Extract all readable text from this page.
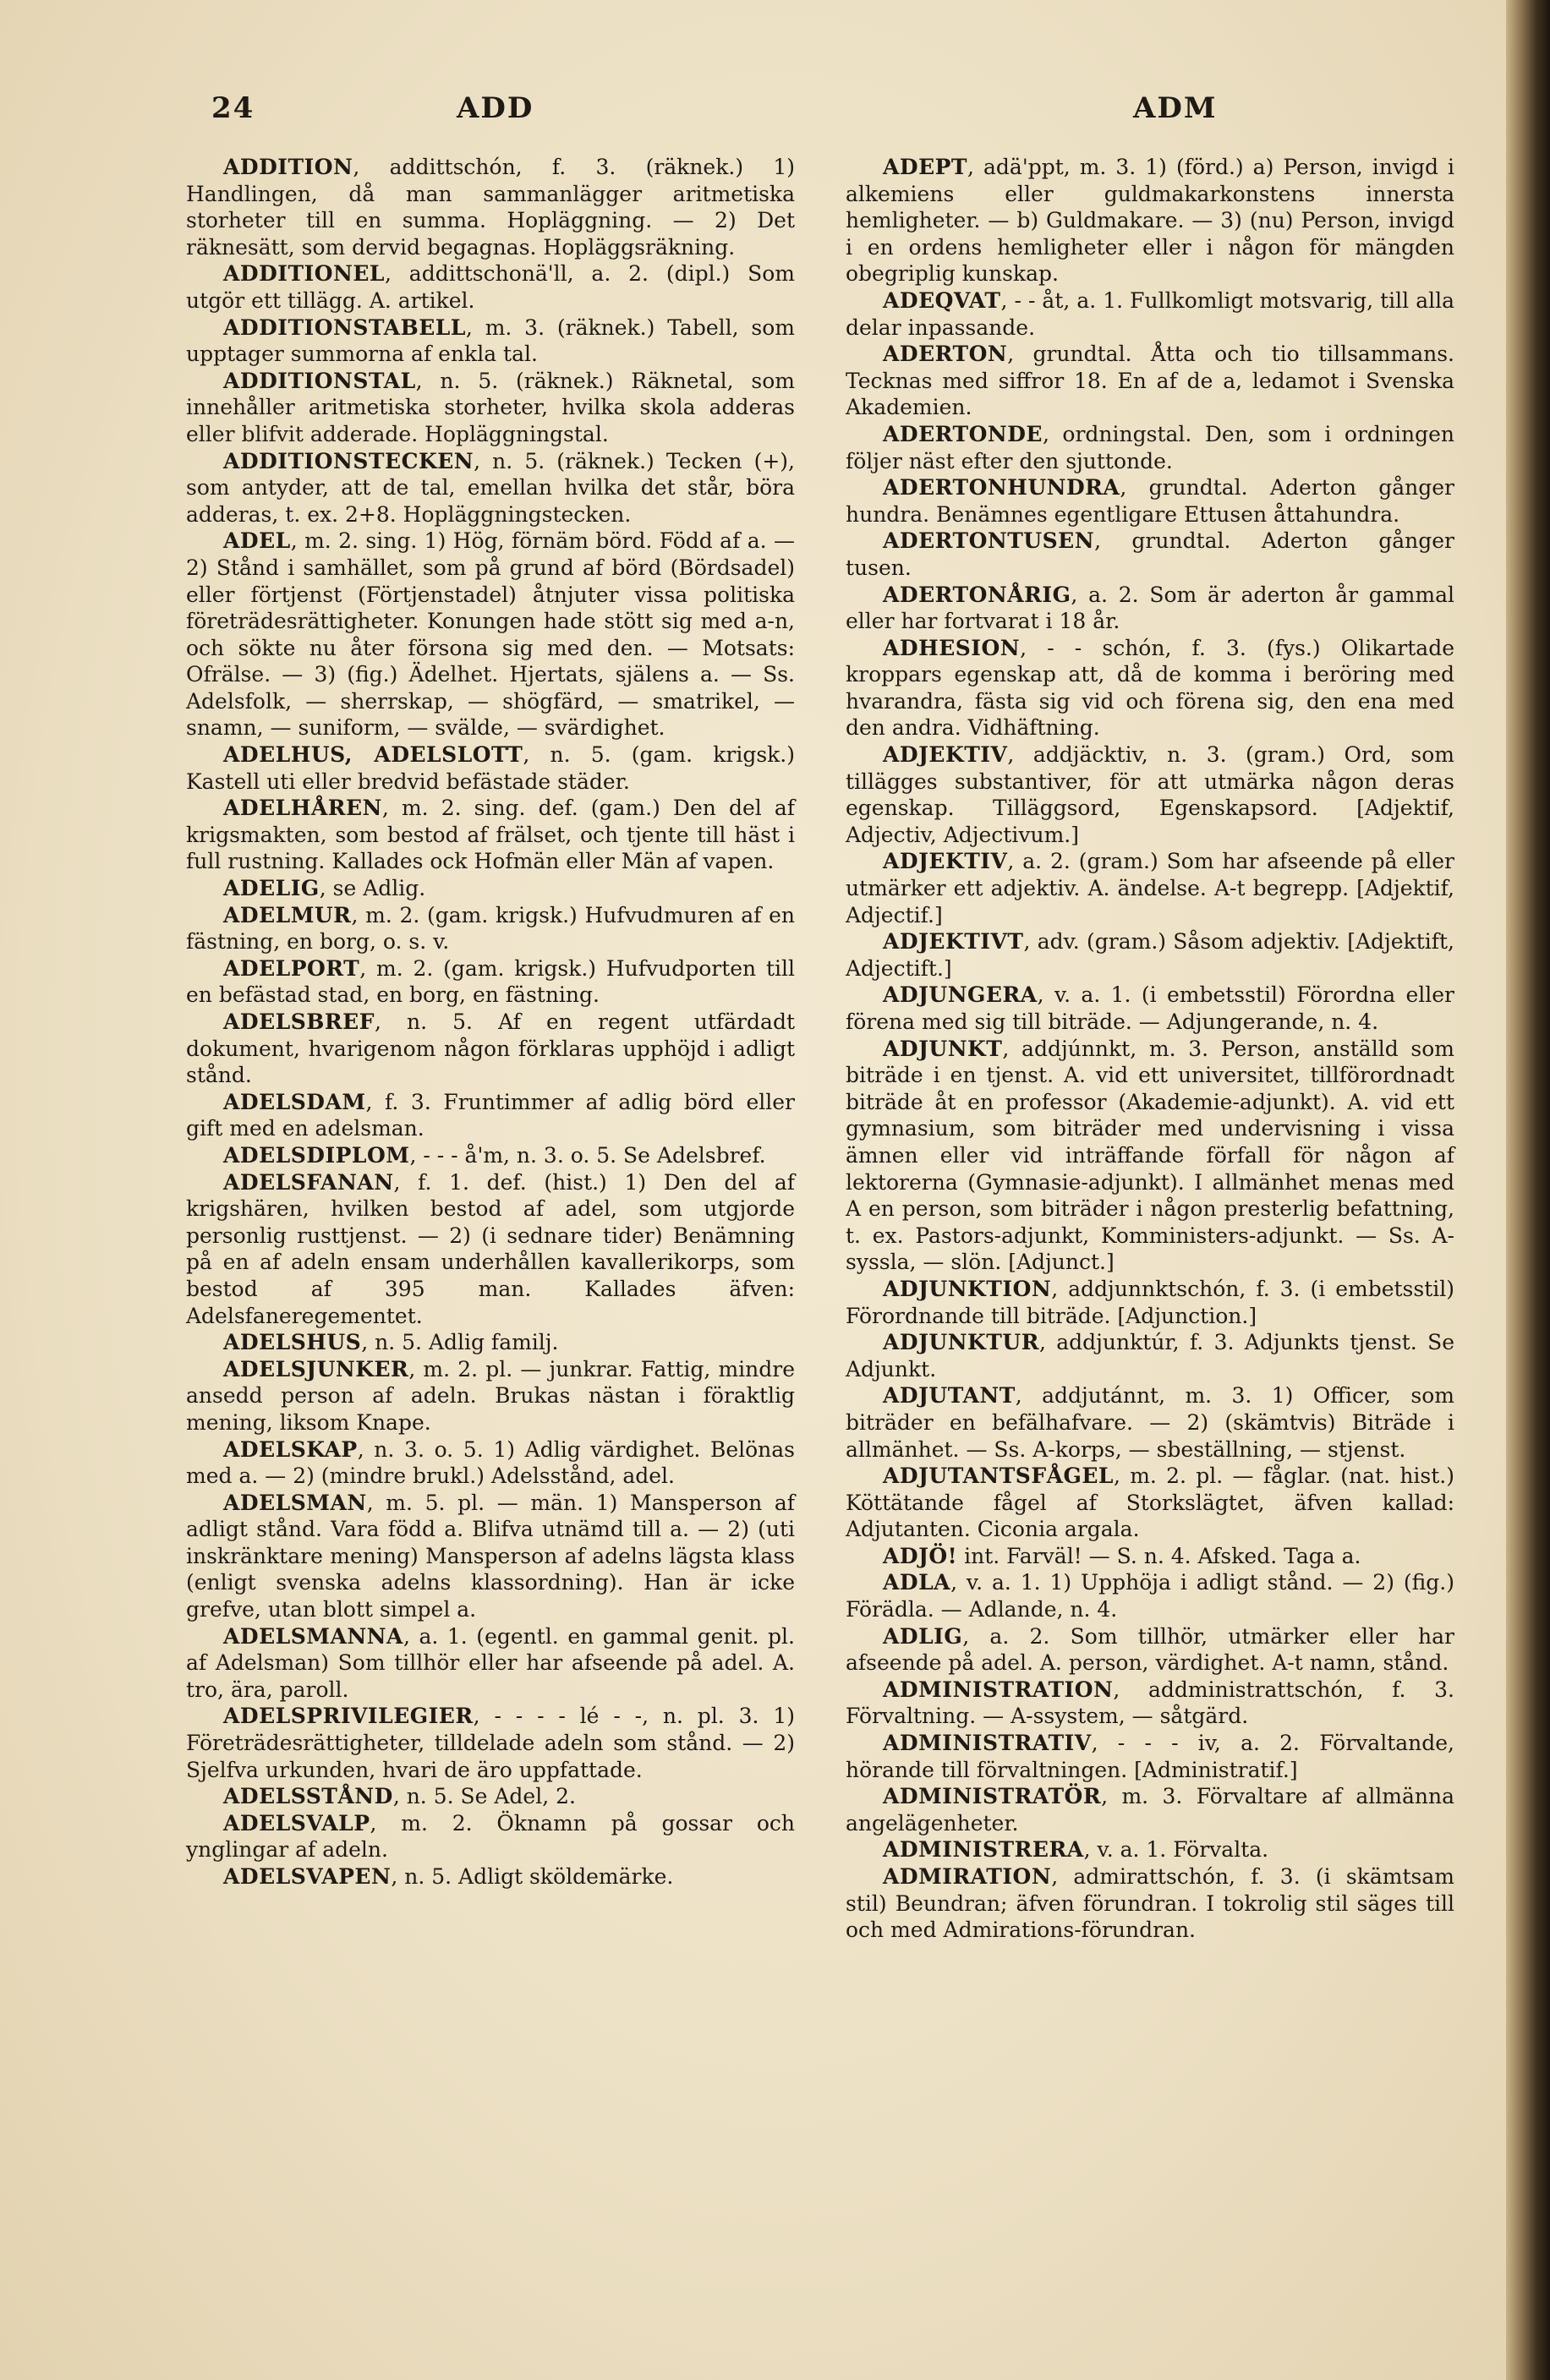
24	ADD	ADM

ADDITION, addittschón, f. 3. (räknek.) 1) Handlingen, då man sammanlägger aritmetiska storheter till en summa. Hopläggning. — 2) Det räknesätt, som dervid begagnas. Hopläggsräkning.

ADDITIONEL, addittschonä'll, a. 2. (dipl.) Som utgör ett tillägg. A. artikel.

ADDITIONSTABELL, m. 3. (räknek.) Tabell, som upptager summorna af enkla tal.

ADDITIONSTAL, n. 5. (räknek.) Räknetal, som innehåller aritmetiska storheter, hvilka skola adderas eller blifvit adderade. Hopläggningstal.

ADDITIONSTECKEN, n. 5. (räknek.) Tecken (+), som antyder, att de tal, emellan hvilka det står, böra adderas, t. ex. 2+8. Hopläggningstecken.

ADEL, m. 2. sing. 1) Hög, förnäm börd. Född af a. — 2) Stånd i samhället, som på grund af börd (Bördsadel) eller förtjenst (Förtjenstadel) åtnjuter vissa politiska företrädesrättigheter. Konungen hade stött sig med a-n, och sökte nu åter försona sig med den. — Motsats: Ofrälse. — 3) (fig.) Ädelhet. Hjertats, själens a. — Ss. Adelsfolk, — sherrskap, — shögfärd, — smatrikel, — snamn, — suniform, — svälde, — svärdighet.

ADELHUS, ADELSLOTT, n. 5. (gam. krigsk.) Kastell uti eller bredvid befästade städer.

ADELHÅREN, m. 2. sing. def. (gam.) Den del af krigsmakten, som bestod af frälset, och tjente till häst i full rustning. Kallades ock Hofmän eller Män af vapen.

ADELIG, se Adlig.

ADELMUR, m. 2. (gam. krigsk.) Hufvudmuren af en fästning, en borg, o. s. v.

ADELPORT, m. 2. (gam. krigsk.) Hufvudporten till en befästad stad, en borg, en fästning.

ADELSBREF, n. 5. Af en regent utfärdadt dokument, hvarigenom någon förklaras upphöjd i adligt stånd.

ADELSDAM, f. 3. Fruntimmer af adlig börd eller gift med en adelsman.

ADELSDIPLOM, - - - å'm, n. 3. o. 5. Se Adelsbref.

ADELSFANAN, f. 1. def. (hist.) 1) Den del af krigshären, hvilken bestod af adel, som utgjorde personlig rusttjenst. — 2) (i sednare tider) Benämning på en af adeln ensam underhållen kavallerikorps, som bestod af 395 man. Kallades äfven: Adelsfaneregementet.

ADELSHUS, n. 5. Adlig familj.

ADELSJUNKER, m. 2. pl. — junkrar. Fattig, mindre ansedd person af adeln. Brukas nästan i föraktlig mening, liksom Knape.

ADELSKAP, n. 3. o. 5. 1) Adlig värdighet. Belönas med a. — 2) (mindre brukl.) Adelsstånd, adel.

ADELSMAN, m. 5. pl. — män. 1) Mansperson af adligt stånd. Vara född a. Blifva utnämd till a. — 2) (uti inskränktare mening) Mansperson af adelns lägsta klass (enligt svenska adelns klassordning). Han är icke grefve, utan blott simpel a.

ADELSMANNA, a. 1. (egentl. en gammal genit. pl. af Adelsman) Som tillhör eller har afseende på adel. A. tro, ära, paroll.

ADELSPRIVILEGIER, - - - - lé - -, n. pl. 3. 1) Företrädesrättigheter, tilldelade adeln som stånd. — 2) Sjelfva urkunden, hvari de äro uppfattade.

ADELSSTÅND, n. 5. Se Adel, 2.

ADELSVALP, m. 2. Öknamn på gossar och ynglingar af adeln.

ADELSVAPEN, n. 5. Adligt sköldemärke.

ADEPT, adä'ppt, m. 3. 1) (förd.) a) Person, invigd i alkemiens eller guldmakarkonstens innersta hemligheter. — b) Guldmakare. — 3) (nu) Person, invigd i en ordens hemligheter eller i någon för mängden obegriplig kunskap.

ADEQVAT, - - åt, a. 1. Fullkomligt motsvarig, till alla delar inpassande.

ADERTON, grundtal. Åtta och tio tillsammans. Tecknas med siffror 18. En af de a, ledamot i Svenska Akademien.

ADERTONDE, ordningstal. Den, som i ordningen följer näst efter den sjuttonde.

ADERTONHUNDRA, grundtal. Aderton gånger hundra. Benämnes egentligare Ettusen åttahundra.

ADERTONTUSEN, grundtal. Aderton gånger tusen.

ADERTONÅRIG, a. 2. Som är aderton år gammal eller har fortvarat i 18 år.

ADHESION, - - schón, f. 3. (fys.) Olikartade kroppars egenskap att, då de komma i beröring med hvarandra, fästa sig vid och förena sig, den ena med den andra. Vidhäftning.

ADJEKTIV, addjäcktiv, n. 3. (gram.) Ord, som tillägges substantiver, för att utmärka någon deras egenskap. Tilläggsord, Egenskapsord. [Adjektif, Adjectiv, Adjectivum.]

ADJEKTIV, a. 2. (gram.) Som har afseende på eller utmärker ett adjektiv. A. ändelse. A-t begrepp. [Adjektif, Adjectif.]

ADJEKTIVT, adv. (gram.) Såsom adjektiv. [Adjektift, Adjectift.]

ADJUNGERA, v. a. 1. (i embetsstil) Förordna eller förena med sig till biträde. — Adjungerande, n. 4.

ADJUNKT, addjúnnkt, m. 3. Person, anställd som biträde i en tjenst. A. vid ett universitet, tillförordnadt biträde åt en professor (Akademie-adjunkt). A. vid ett gymnasium, som biträder med undervisning i vissa ämnen eller vid inträffande förfall för någon af lektorerna (Gymnasie-adjunkt). I allmänhet menas med A en person, som biträder i någon presterlig befattning, t. ex. Pastors-adjunkt, Komministers-adjunkt. — Ss. A-syssla, — slön. [Adjunct.]

ADJUNKTION, addjunnktschón, f. 3. (i embetsstil) Förordnande till biträde. [Adjunction.]

ADJUNKTUR, addjunktúr, f. 3. Adjunkts tjenst. Se Adjunkt.

ADJUTANT, addjutánnt, m. 3. 1) Officer, som biträder en befälhafvare. — 2) (skämtvis) Biträde i allmänhet. — Ss. A-korps, — sbeställning, — stjenst.

ADJUTANTSFÅGEL, m. 2. pl. — fåglar. (nat. hist.) Köttätande fågel af Storkslägtet, äfven kallad: Adjutanten. Ciconia argala.

ADJÖ! int. Farväl! — S. n. 4. Afsked. Taga a.

ADLA, v. a. 1. 1) Upphöja i adligt stånd. — 2) (fig.) Förädla. — Adlande, n. 4.

ADLIG, a. 2. Som tillhör, utmärker eller har afseende på adel. A. person, värdighet. A-t namn, stånd.

ADMINISTRATION, addministrattschón, f. 3. Förvaltning. — A-ssystem, — såtgärd.

ADMINISTRATIV, - - - iv, a. 2. Förvaltande, hörande till förvaltningen. [Administratif.]

ADMINISTRATÖR, m. 3. Förvaltare af allmänna angelägenheter.

ADMINISTRERA, v. a. 1. Förvalta.

ADMIRATION, admirattschón, f. 3. (i skämtsam stil) Beundran; äfven förundran. I tokrolig stil säges till och med Admirations-förundran.
